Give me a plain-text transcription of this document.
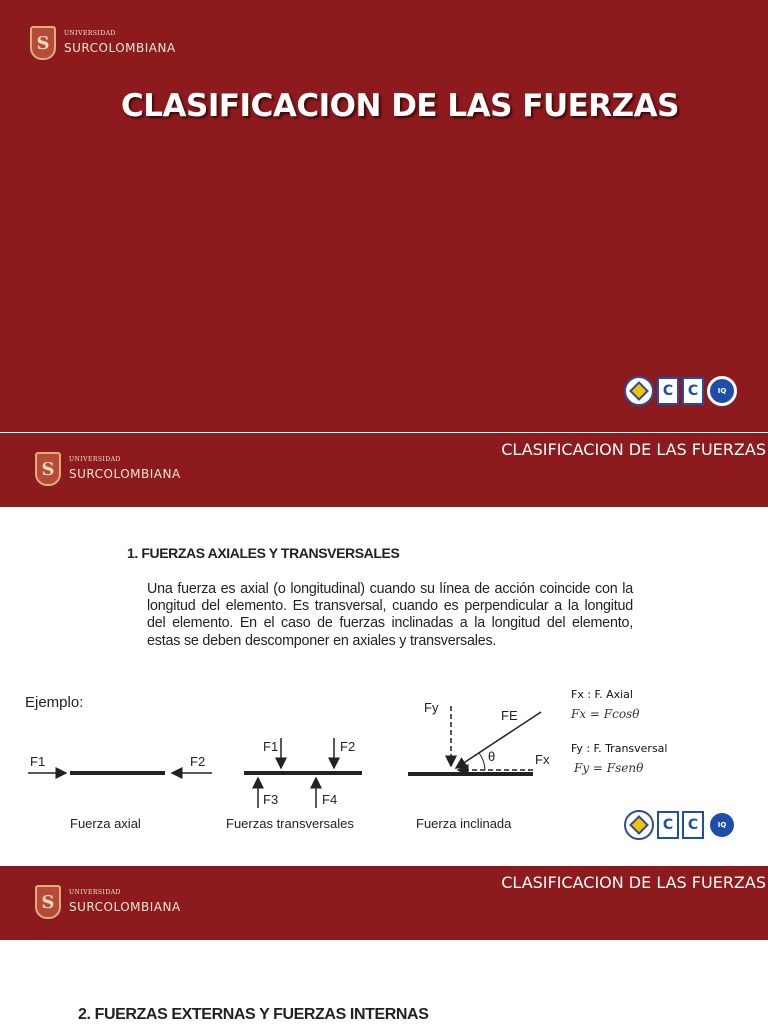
S	UNIVERSIDAD
SURCOLOMBIANA
CLASIFICACION DE LAS FUERZAS
C	C	IQ
S	UNIVERSIDAD
SURCOLOMBIANA
CLASIFICACION DE LAS FUERZAS
1. FUERZAS AXIALES Y TRANSVERSALES
Una fuerza es axial (o longitudinal) cuando su línea de acción coincide con la longitud del elemento. Es transversal, cuando es perpendicular a la longitud del elemento. En el caso de fuerzas inclinadas a la longitud del elemento, estas se deben descomponer en axiales y transversales.
Ejemplo:
F1	F2
Fuerza axial
F1	F2
F3	F4
Fuerzas transversales
Fy
FE
Fx
θ
Fuerza inclinada
Fx : F. Axial
Fx = Fcosθ
Fy : F. Transversal
Fy = Fsenθ
C	C	IQ
S	UNIVERSIDAD
SURCOLOMBIANA
CLASIFICACION DE LAS FUERZAS
2. FUERZAS EXTERNAS Y FUERZAS INTERNAS
